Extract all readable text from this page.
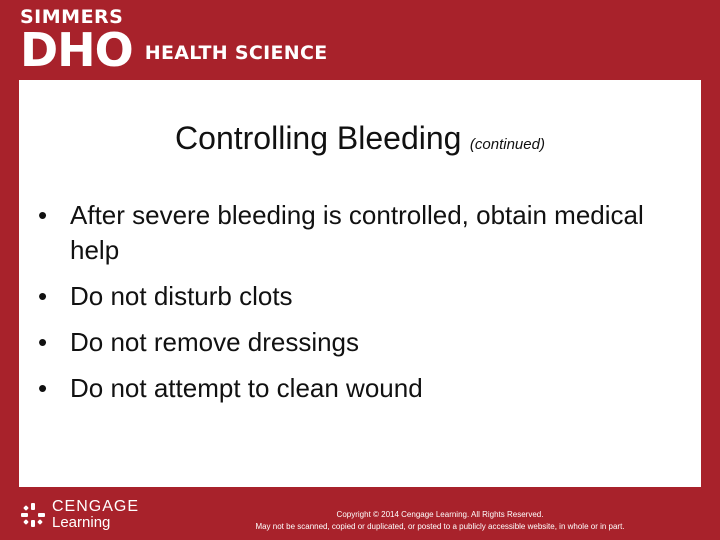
SIMMERS
DHO HEALTH SCIENCE
Controlling Bleeding (continued)
• After severe bleeding is controlled, obtain medical help
• Do not disturb clots
• Do not remove dressings
• Do not attempt to clean wound
CENGAGE
Learning	Copyright © 2014 Cengage Learning. All Rights Reserved.
May not be scanned, copied or duplicated, or posted to a publicly accessible website, in whole or in part.
